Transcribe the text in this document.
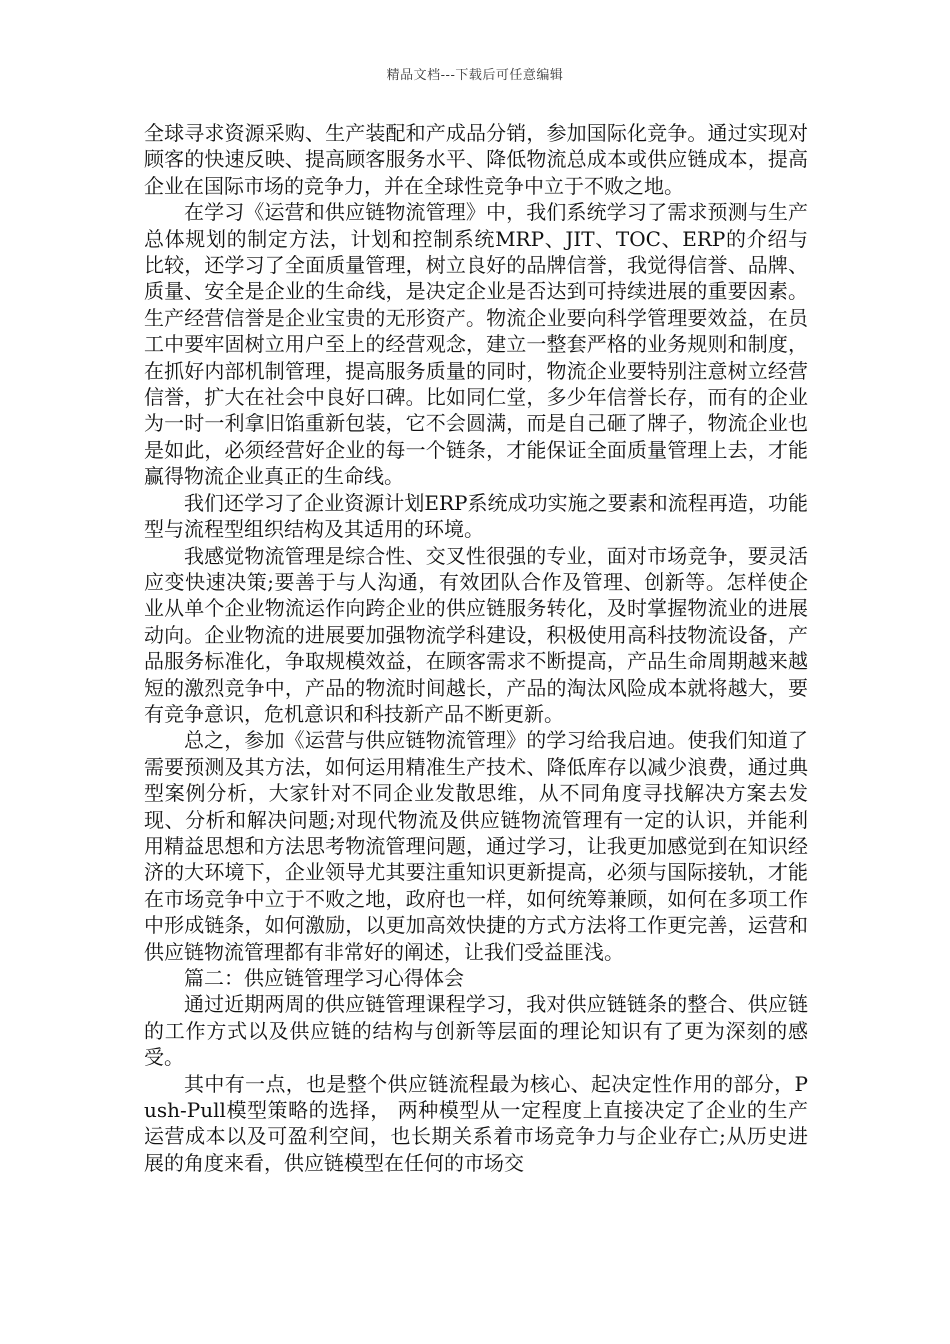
精品文档---下载后可任意编辑

全球寻求资源采购、生产装配和产成品分销，参加国际化竞争。通过实现对顾客的快速反映、提高顾客服务水平、降低物流总成本或供应链成本，提高企业在国际市场的竞争力，并在全球性竞争中立于不败之地。

在学习《运营和供应链物流管理》中，我们系统学习了需求预测与生产总体规划的制定方法，计划和控制系统MRP、JIT、TOC、ERP的介绍与比较，还学习了全面质量管理，树立良好的品牌信誉，我觉得信誉、品牌、质量、安全是企业的生命线，是决定企业是否达到可持续进展的重要因素。生产经营信誉是企业宝贵的无形资产。物流企业要向科学管理要效益，在员工中要牢固树立用户至上的经营观念，建立一整套严格的业务规则和制度，在抓好内部机制管理，提高服务质量的同时，物流企业要特别注意树立经营信誉，扩大在社会中良好口碑。比如同仁堂，多少年信誉长存，而有的企业为一时一利拿旧馅重新包装，它不会圆满，而是自己砸了牌子，物流企业也是如此，必须经营好企业的每一个链条，才能保证全面质量管理上去，才能赢得物流企业真正的生命线。

我们还学习了企业资源计划ERP系统成功实施之要素和流程再造，功能型与流程型组织结构及其适用的环境。

我感觉物流管理是综合性、交叉性很强的专业，面对市场竞争，要灵活应变快速决策;要善于与人沟通，有效团队合作及管理、创新等。怎样使企业从单个企业物流运作向跨企业的供应链服务转化，及时掌握物流业的进展动向。企业物流的进展要加强物流学科建设，积极使用高科技物流设备，产品服务标准化，争取规模效益，在顾客需求不断提高，产品生命周期越来越短的激烈竞争中，产品的物流时间越长，产品的淘汰风险成本就将越大，要有竞争意识，危机意识和科技新产品不断更新。

总之，参加《运营与供应链物流管理》的学习给我启迪。使我们知道了需要预测及其方法，如何运用精准生产技术、降低库存以减少浪费，通过典型案例分析，大家针对不同企业发散思维，从不同角度寻找解决方案去发现、分析和解决问题;对现代物流及供应链物流管理有一定的认识，并能利用精益思想和方法思考物流管理问题，通过学习，让我更加感觉到在知识经济的大环境下，企业领导尤其要注重知识更新提高，必须与国际接轨，才能在市场竞争中立于不败之地，政府也一样，如何统筹兼顾，如何在多项工作中形成链条，如何激励，以更加高效快捷的方式方法将工作更完善，运营和供应链物流管理都有非常好的阐述，让我们受益匪浅。

篇二：供应链管理学习心得体会

通过近期两周的供应链管理课程学习，我对供应链链条的整合、供应链的工作方式以及供应链的结构与创新等层面的理论知识有了更为深刻的感受。

其中有一点，也是整个供应链流程最为核心、起决定性作用的部分，Push-Pull模型策略的选择， 两种模型从一定程度上直接决定了企业的生产运营成本以及可盈利空间，也长期关系着市场竞争力与企业存亡;从历史进展的角度来看，供应链模型在任何的市场交
